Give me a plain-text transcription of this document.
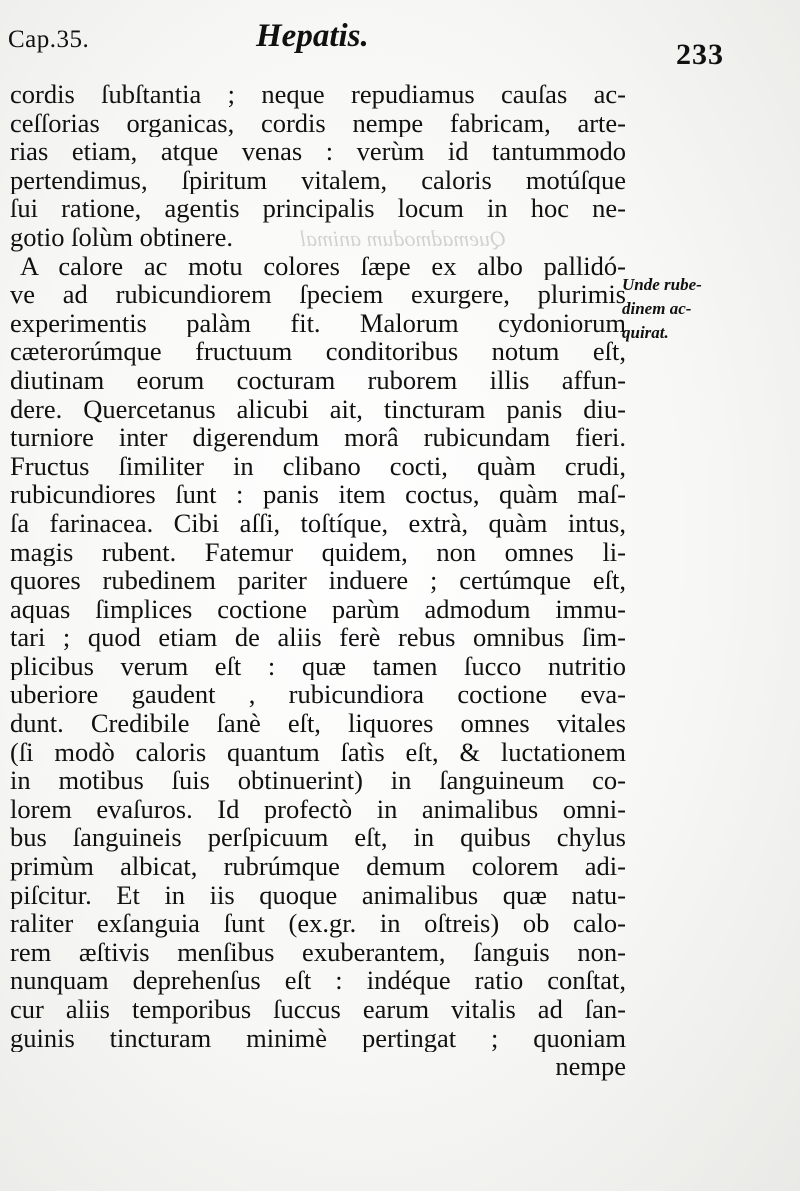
Cap.35.	Hepatis.
233
Quemadmodum animal
cordis ſubſtantia ; neque repudiamus cauſas ac-
ceſſorias organicas, cordis nempe fabricam, arte-
rias etiam, atque venas : verùm id tantummodo
pertendimus, ſpiritum vitalem, caloris motúſque
ſui ratione, agentis principalis locum in hoc ne-
gotio ſolùm obtinere.
A calore ac motu colores ſæpe ex albo pallidó-
ve ad rubicundiorem ſpeciem exurgere, plurimis
experimentis palàm fit. Malorum cydoniorum
cæterorúmque fructuum conditoribus notum eſt,
diutinam eorum cocturam ruborem illis affun-
dere. Quercetanus alicubi ait, tincturam panis diu-
turniore inter digerendum morâ rubicundam fieri.
Fructus ſimiliter in clibano cocti, quàm crudi,
rubicundiores ſunt : panis item coctus, quàm maſ-
ſa farinacea. Cibi aſſi, toſtíque, extrà, quàm intus,
magis rubent. Fatemur quidem, non omnes li-
quores rubedinem pariter induere ; certúmque eſt,
aquas ſimplices coctione parùm admodum immu-
tari ; quod etiam de aliis ferè rebus omnibus ſim-
plicibus verum eſt : quæ tamen ſucco nutritio
uberiore gaudent , rubicundiora coctione eva-
dunt. Credibile ſanè eſt, liquores omnes vitales
(ſi modò caloris quantum ſatìs eſt, & luctationem
in motibus ſuis obtinuerint) in ſanguineum co-
lorem evaſuros. Id profectò in animalibus omni-
bus ſanguineis perſpicuum eſt, in quibus chylus
primùm albicat, rubrúmque demum colorem adi-
piſcitur. Et in iis quoque animalibus quæ natu-
raliter exſanguia ſunt (ex.gr. in oſtreis) ob calo-
rem æſtivis menſibus exuberantem, ſanguis non-
nunquam deprehenſus eſt : indéque ratio conſtat,
cur aliis temporibus ſuccus earum vitalis ad ſan-
guinis tincturam minimè pertingat ; quoniam
nempe
Unde rube-
dinem ac-
quirat.
